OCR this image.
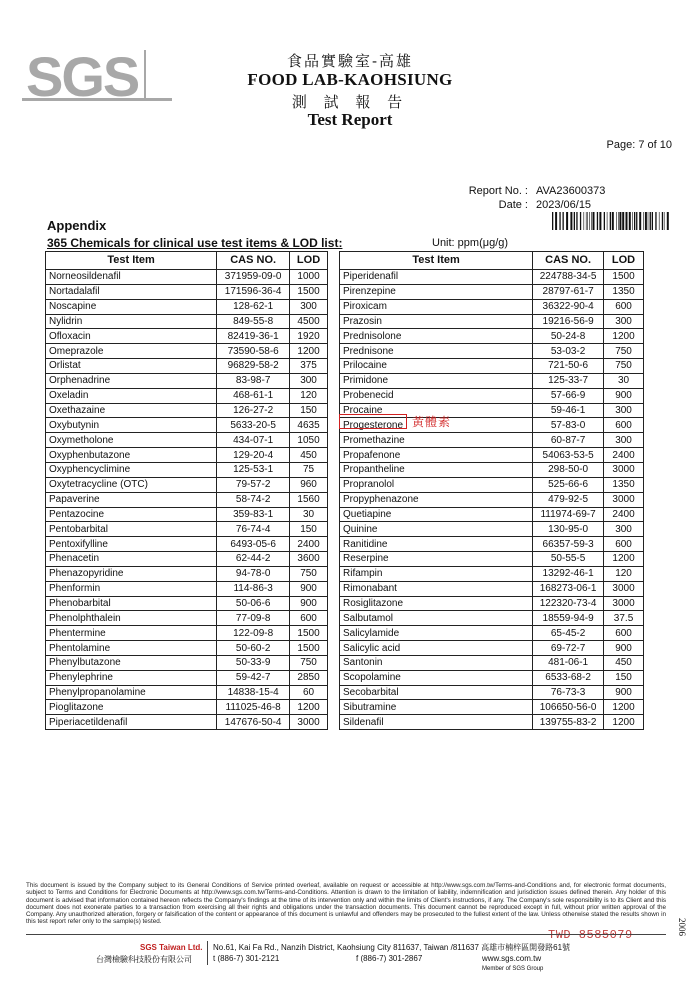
SGS	食品實驗室-高雄
FOOD LAB-KAOHSIUNG
測 試 報 告
Test Report
Page: 7 of 10
Report No. : AVA23600373
Date : 2023/06/15
Appendix
365 Chemicals for clinical use test items & LOD list:	Unit: ppm(μg/g)
Test Item	CAS NO.	LOD
Norneosildenafil	371959-09-0	1000
Nortadalafil	171596-36-4	1500
Noscapine	128-62-1	300
Nylidrin	849-55-8	4500
Ofloxacin	82419-36-1	1920
Omeprazole	73590-58-6	1200
Orlistat	96829-58-2	375
Orphenadrine	83-98-7	300
Oxeladin	468-61-1	120
Oxethazaine	126-27-2	150
Oxybutynin	5633-20-5	4635
Oxymetholone	434-07-1	1050
Oxyphenbutazone	129-20-4	450
Oxyphencyclimine	125-53-1	75
Oxytetracycline (OTC)	79-57-2	960
Papaverine	58-74-2	1560
Pentazocine	359-83-1	30
Pentobarbital	76-74-4	150
Pentoxifylline	6493-05-6	2400
Phenacetin	62-44-2	3600
Phenazopyridine	94-78-0	750
Phenformin	114-86-3	900
Phenobarbital	50-06-6	900
Phenolphthalein	77-09-8	600
Phentermine	122-09-8	1500
Phentolamine	50-60-2	1500
Phenylbutazone	50-33-9	750
Phenylephrine	59-42-7	2850
Phenylpropanolamine	14838-15-4	60
Pioglitazone	111025-46-8	1200
Piperiacetildenafil	147676-50-4	3000
Test Item	CAS NO.	LOD
Piperidenafil	224788-34-5	1500
Pirenzepine	28797-61-7	1350
Piroxicam	36322-90-4	600
Prazosin	19216-56-9	300
Prednisolone	50-24-8	1200
Prednisone	53-03-2	750
Prilocaine	721-50-6	750
Primidone	125-33-7	30
Probenecid	57-66-9	900
Procaine	59-46-1	300
Progesterone	57-83-0	600
Promethazine	60-87-7	300
Propafenone	54063-53-5	2400
Propantheline	298-50-0	3000
Propranolol	525-66-6	1350
Propyphenazone	479-92-5	3000
Quetiapine	111974-69-7	2400
Quinine	130-95-0	300
Ranitidine	66357-59-3	600
Reserpine	50-55-5	1200
Rifampin	13292-46-1	120
Rimonabant	168273-06-1	3000
Rosiglitazone	122320-73-4	3000
Salbutamol	18559-94-9	37.5
Salicylamide	65-45-2	600
Salicylic acid	69-72-7	900
Santonin	481-06-1	450
Scopolamine	6533-68-2	150
Secobarbital	76-73-3	900
Sibutramine	106650-56-0	1200
Sildenafil	139755-83-2	1200
黃體素
This document is issued by the Company subject to its General Conditions of Service printed overleaf, available on request or accessible at http://www.sgs.com.tw/Terms-and-Conditions and, for electronic format documents, subject to Terms and Conditions for Electronic Documents at http://www.sgs.com.tw/Terms-and-Conditions. Attention is drawn to the limitation of liability, indemnification and jurisdiction issues defined therein. Any holder of this document is advised that information contained hereon reflects the Company's findings at the time of its intervention only and within the limits of Client's instructions, if any. The Company's sole responsibility is to its Client and this document does not exonerate parties to a transaction from exercising all their rights and obligations under the transaction documents. This document cannot be reproduced except in full, without prior written approval of the Company. Any unauthorized alteration, forgery or falsification of the content or appearance of this document is unlawful and offenders may be prosecuted to the fullest extent of the law. Unless otherwise stated the results shown in this test report refer only to the sample(s) tested.
TWD 8585079	2006
SGS Taiwan Ltd.
台灣檢驗科技股份有限公司
No.61, Kai Fa Rd., Nanzih District, Kaohsiung City 811637, Taiwan /811637 高雄市楠梓區開發路61號
t (886-7) 301-2121	f (886-7) 301-2867	www.sgs.com.tw
Member of SGS Group
